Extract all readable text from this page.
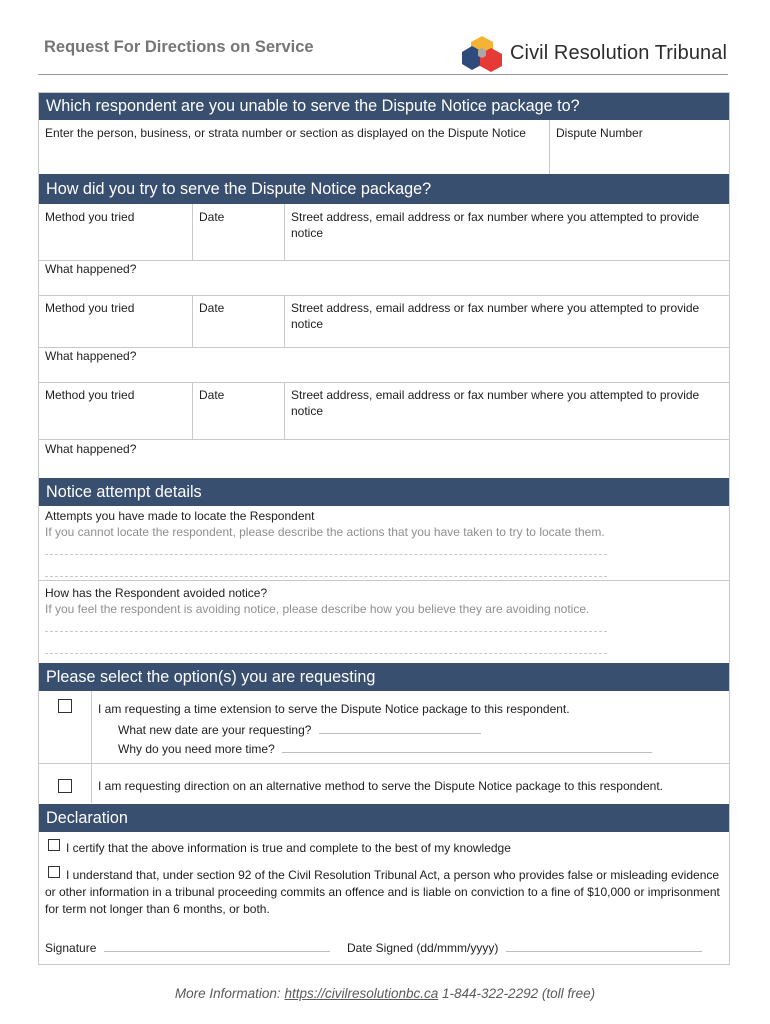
Request For Directions on Service	Civil Resolution Tribunal
Which respondent are you unable to serve the Dispute Notice package to?
Enter the person, business, or strata number or section as displayed on the Dispute Notice	Dispute Number
How did you try to serve the Dispute Notice package?
Method you tried	Date	Street address, email address or fax number where you attempted to provide notice
What happened?
Method you tried	Date	Street address, email address or fax number where you attempted to provide notice
What happened?
Method you tried	Date	Street address, email address or fax number where you attempted to provide notice
What happened?
Notice attempt details
Attempts you have made to locate the Respondent
If you cannot locate the respondent, please describe the actions that you have taken to try to locate them.
How has the Respondent avoided notice?
If you feel the respondent is avoiding notice, please describe how you believe they are avoiding notice.
Please select the option(s) you are requesting
I am requesting a time extension to serve the Dispute Notice package to this respondent.
What new date are your requesting?
Why do you need more time?
I am requesting direction on an alternative method to serve the Dispute Notice package to this respondent.
Declaration
I certify that the above information is true and complete to the best of my knowledge
I understand that, under section 92 of the Civil Resolution Tribunal Act, a person who provides false or misleading evidence or other information in a tribunal proceeding commits an offence and is liable on conviction to a fine of $10,000 or imprisonment for term not longer than 6 months, or both.
Signature	Date Signed (dd/mmm/yyyy)
More Information: https://civilresolutionbc.ca 1-844-322-2292 (toll free)
